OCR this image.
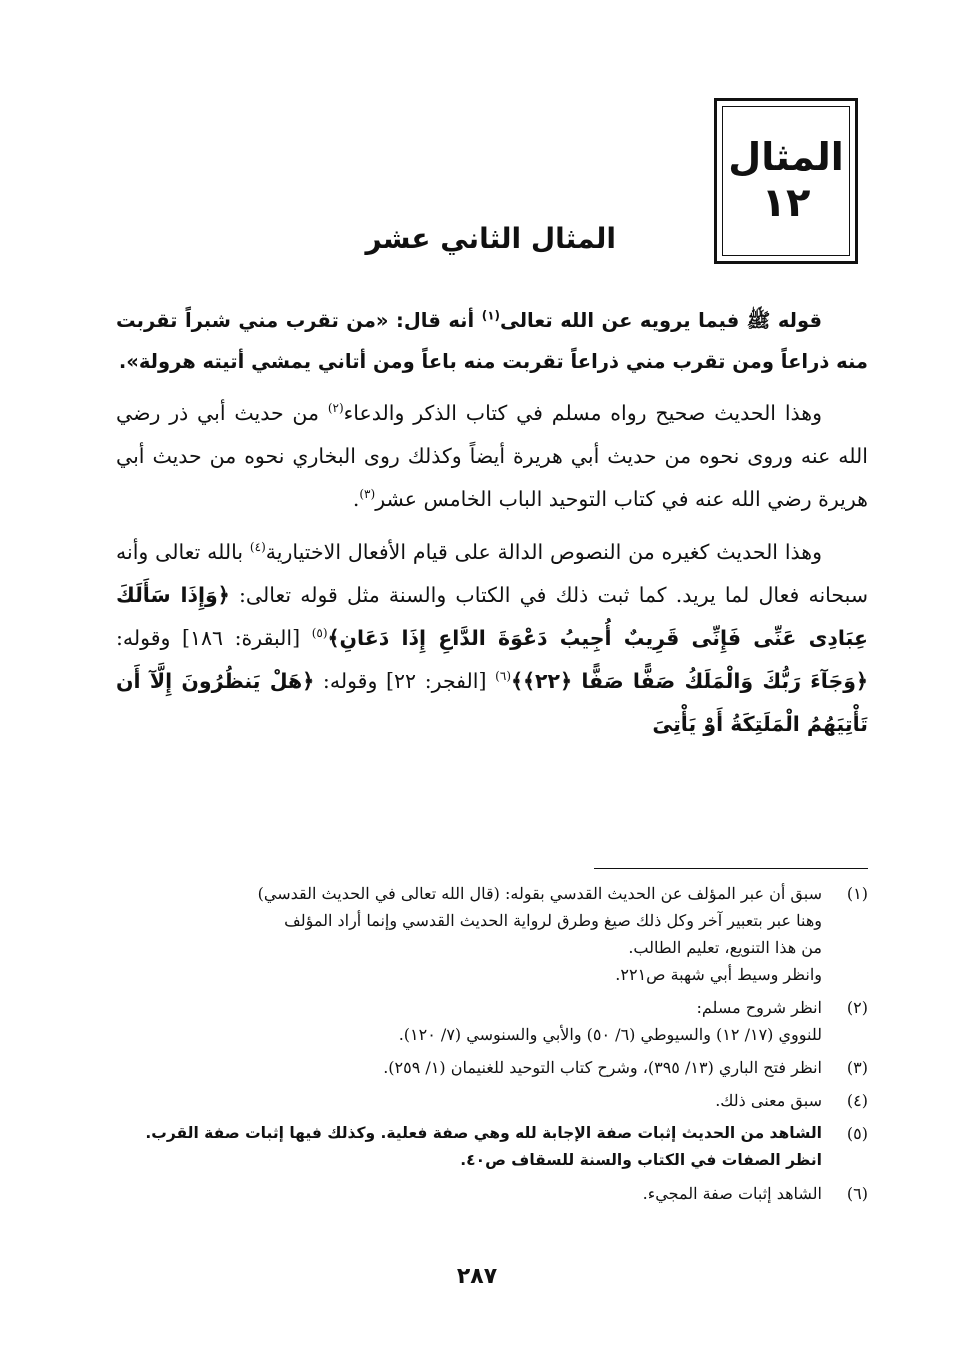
المثال
١٢
المثال الثاني عشر

قوله ﷺ فيما يرويه عن الله تعالى$^{(١)}$ أنه قال: «من تقرب مني شبراً تقربت منه ذراعاً ومن تقرب مني ذراعاً تقربت منه باعاً ومن أتاني يمشي أتيته هرولة».

وهذا الحديث صحيح رواه مسلم في كتاب الذكر والدعاء$^{(٢)}$ من حديث أبي ذر رضي الله عنه وروى نحوه من حديث أبي هريرة أيضاً وكذلك روى البخاري نحوه من حديث أبي هريرة رضي الله عنه في كتاب التوحيد الباب الخامس عشر$^{(٣)}$.

وهذا الحديث كغيره من النصوص الدالة على قيام الأفعال الاختيارية$^{(٤)}$ بالله تعالى وأنه سبحانه فعال لما يريد. كما ثبت ذلك في الكتاب والسنة مثل قوله تعالى: ﴿وَإِذَا سَأَلَكَ عِبَادِى عَنِّى فَإِنِّى قَرِيبٌ أُجِيبُ دَعْوَةَ الدَّاعِ إِذَا دَعَانِ﴾$^{(٥)}$ [البقرة: ١٨٦] وقوله: ﴿وَجَآءَ رَبُّكَ وَالْمَلَكُ صَفًّا صَفًّا ﴿٢٢﴾﴾$^{(٦)}$ [الفجر: ٢٢] وقوله: ﴿هَلْ يَنظُرُونَ إِلَّآ أَن تَأْتِيَهُمُ الْمَلَتِكَةُ أَوْ يَأْتِىَ

(١)
سبق أن عبر المؤلف عن الحديث القدسي بقوله: (قال الله تعالى في الحديث القدسي)
وهنا عبر بتعبير آخر وكل ذلك صيغ وطرق لرواية الحديث القدسي وإنما أراد المؤلف
من هذا التنويع، تعليم الطالب.
وانظر وسيط أبي شهبة ص٢٢١.
(٢)
انظر شروح مسلم:
للنووي (١٧/ ١٢) والسيوطي (٦/ ٥٠) والأبي والسنوسي (٧/ ١٢٠).
(٣)
انظر فتح الباري (١٣/ ٣٩٥)، وشرح كتاب التوحيد للغنيمان (١/ ٢٥٩).
(٤)
سبق معنى ذلك.
(٥)
الشاهد من الحديث إثبات صفة الإجابة لله وهي صفة فعلية. وكذلك فيها إثبات صفة القرب.
انظر الصفات في الكتاب والسنة للسقاف ص٤٠.
(٦)
الشاهد إثبات صفة المجيء.
٢٨٧
